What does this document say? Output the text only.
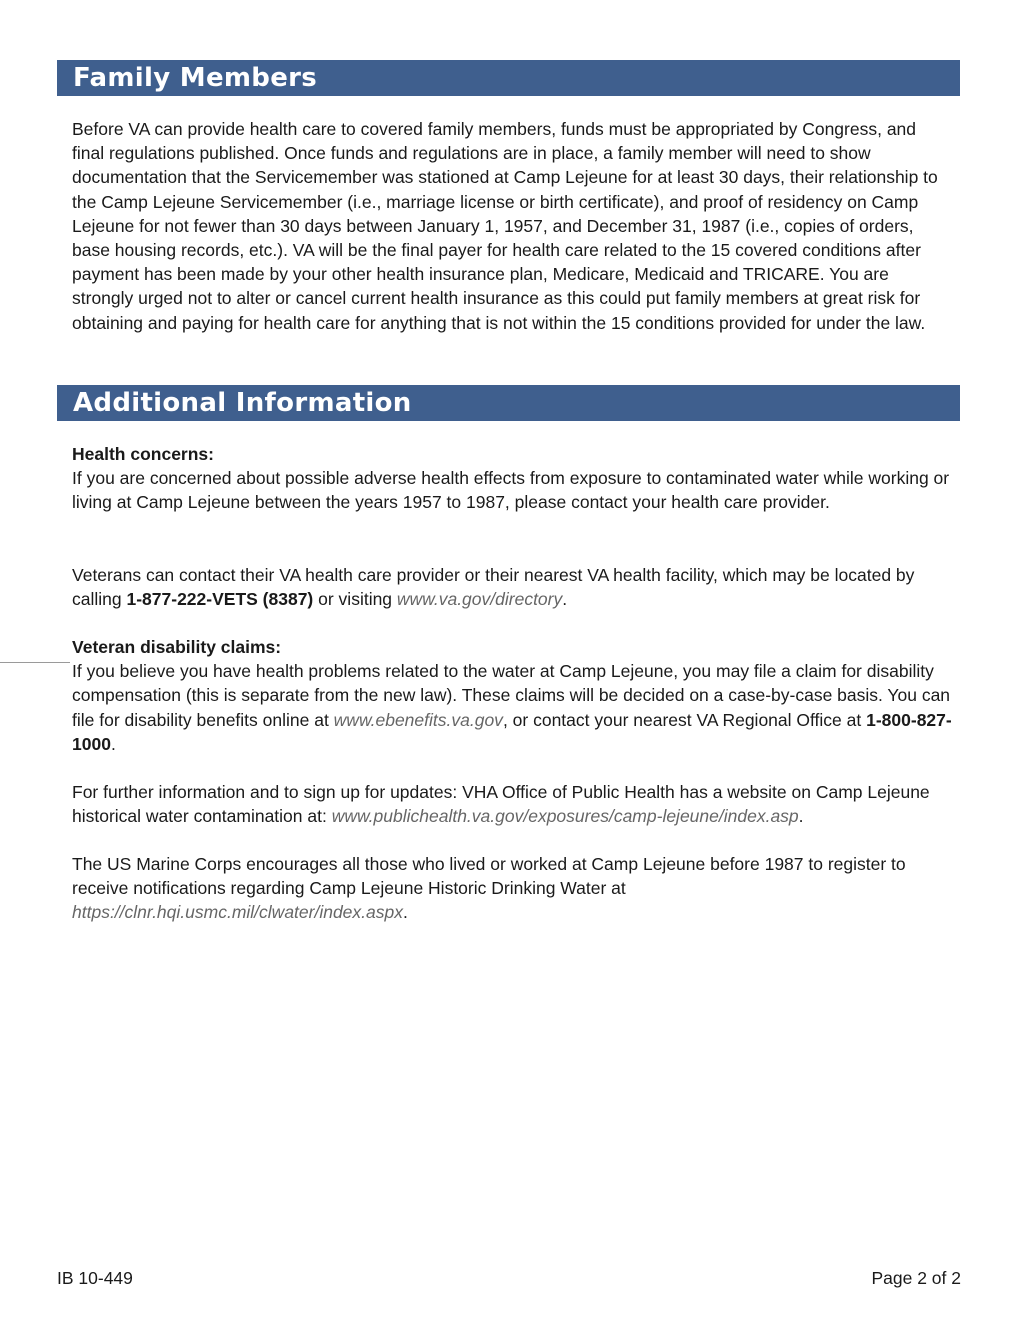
Family Members

Before VA can provide health care to covered family members, funds must be appropriated by Congress, and final regulations published. Once funds and regulations are in place, a family member will need to show documentation that the Servicemember was stationed at Camp Lejeune for at least 30 days, their relationship to the Camp Lejeune Servicemember (i.e., marriage license or birth certificate), and proof of residency on Camp Lejeune for not fewer than 30 days between January 1, 1957, and December 31, 1987 (i.e., copies of orders, base housing records, etc.). VA will be the final payer for health care related to the 15 covered conditions after payment has been made by your other health insurance plan, Medicare, Medicaid and TRICARE. You are strongly urged not to alter or cancel current health insurance as this could put family members at great risk for obtaining and paying for health care for anything that is not within the 15 conditions provided for under the law.

Additional Information

Health concerns:

If you are concerned about possible adverse health effects from exposure to contaminated water while working or living at Camp Lejeune between the years 1957 to 1987, please contact your health care provider.

Veterans can contact their VA health care provider or their nearest VA health facility, which may be located by calling 1-877-222-VETS (8387) or visiting www.va.gov/directory.

Veteran disability claims:

If you believe you have health problems related to the water at Camp Lejeune, you may file a claim for disability compensation (this is separate from the new law). These claims will be decided on a case-by-case basis. You can file for disability benefits online at www.ebenefits.va.gov, or contact your nearest VA Regional Office at 1-800-827-1000.

For further information and to sign up for updates: VHA Office of Public Health has a website on Camp Lejeune historical water contamination at: www.publichealth.va.gov/exposures/camp-lejeune/index.asp.

The US Marine Corps encourages all those who lived or worked at Camp Lejeune before 1987 to register to receive notifications regarding Camp Lejeune Historic Drinking Water at https://clnr.hqi.usmc.mil/clwater/index.aspx.

IB 10-449	Page 2 of 2
